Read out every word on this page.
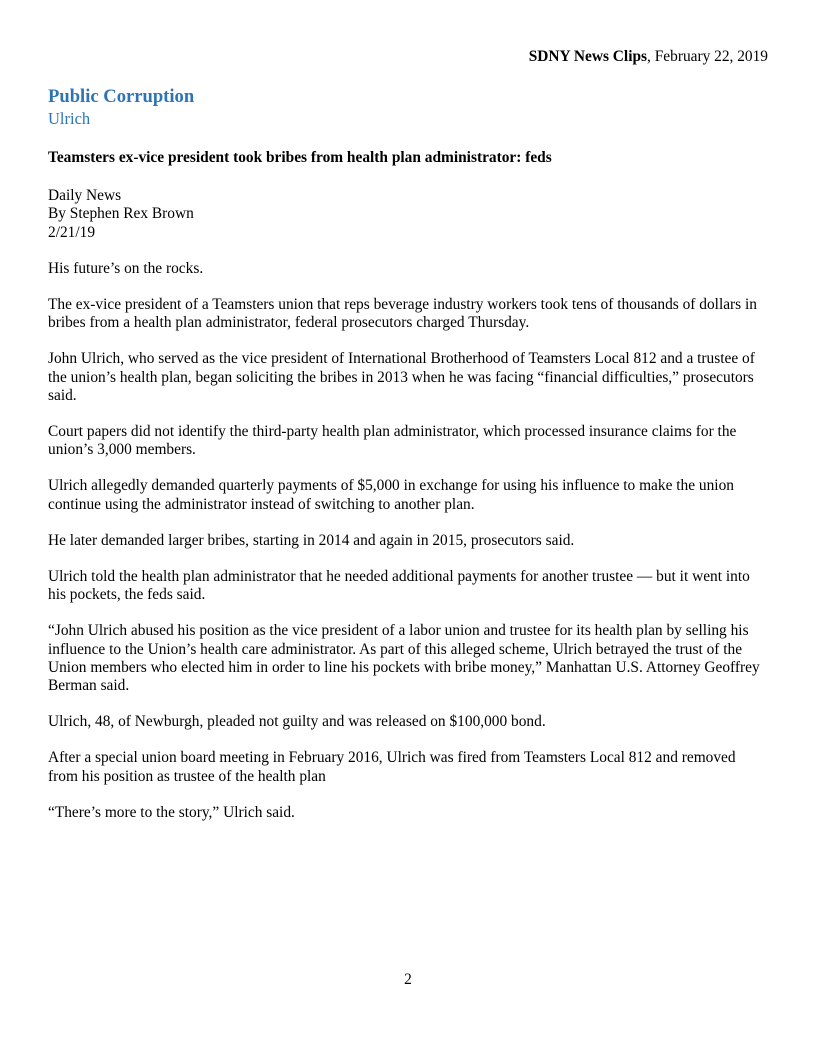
SDNY News Clips, February 22, 2019
Public Corruption
Ulrich
Teamsters ex-vice president took bribes from health plan administrator: feds
Daily News
By Stephen Rex Brown
2/21/19

His future’s on the rocks.

The ex-vice president of a Teamsters union that reps beverage industry workers took tens of thousands of dollars in bribes from a health plan administrator, federal prosecutors charged Thursday.

John Ulrich, who served as the vice president of International Brotherhood of Teamsters Local 812 and a trustee of the union’s health plan, began soliciting the bribes in 2013 when he was facing “financial difficulties,” prosecutors said.

Court papers did not identify the third-party health plan administrator, which processed insurance claims for the union’s 3,000 members.

Ulrich allegedly demanded quarterly payments of $5,000 in exchange for using his influence to make the union continue using the administrator instead of switching to another plan.

He later demanded larger bribes, starting in 2014 and again in 2015, prosecutors said.

Ulrich told the health plan administrator that he needed additional payments for another trustee — but it went into his pockets, the feds said.

“John Ulrich abused his position as the vice president of a labor union and trustee for its health plan by selling his influence to the Union’s health care administrator. As part of this alleged scheme, Ulrich betrayed the trust of the Union members who elected him in order to line his pockets with bribe money,” Manhattan U.S. Attorney Geoffrey Berman said.

Ulrich, 48, of Newburgh, pleaded not guilty and was released on $100,000 bond.

After a special union board meeting in February 2016, Ulrich was fired from Teamsters Local 812 and removed from his position as trustee of the health plan

“There’s more to the story,” Ulrich said.

2
